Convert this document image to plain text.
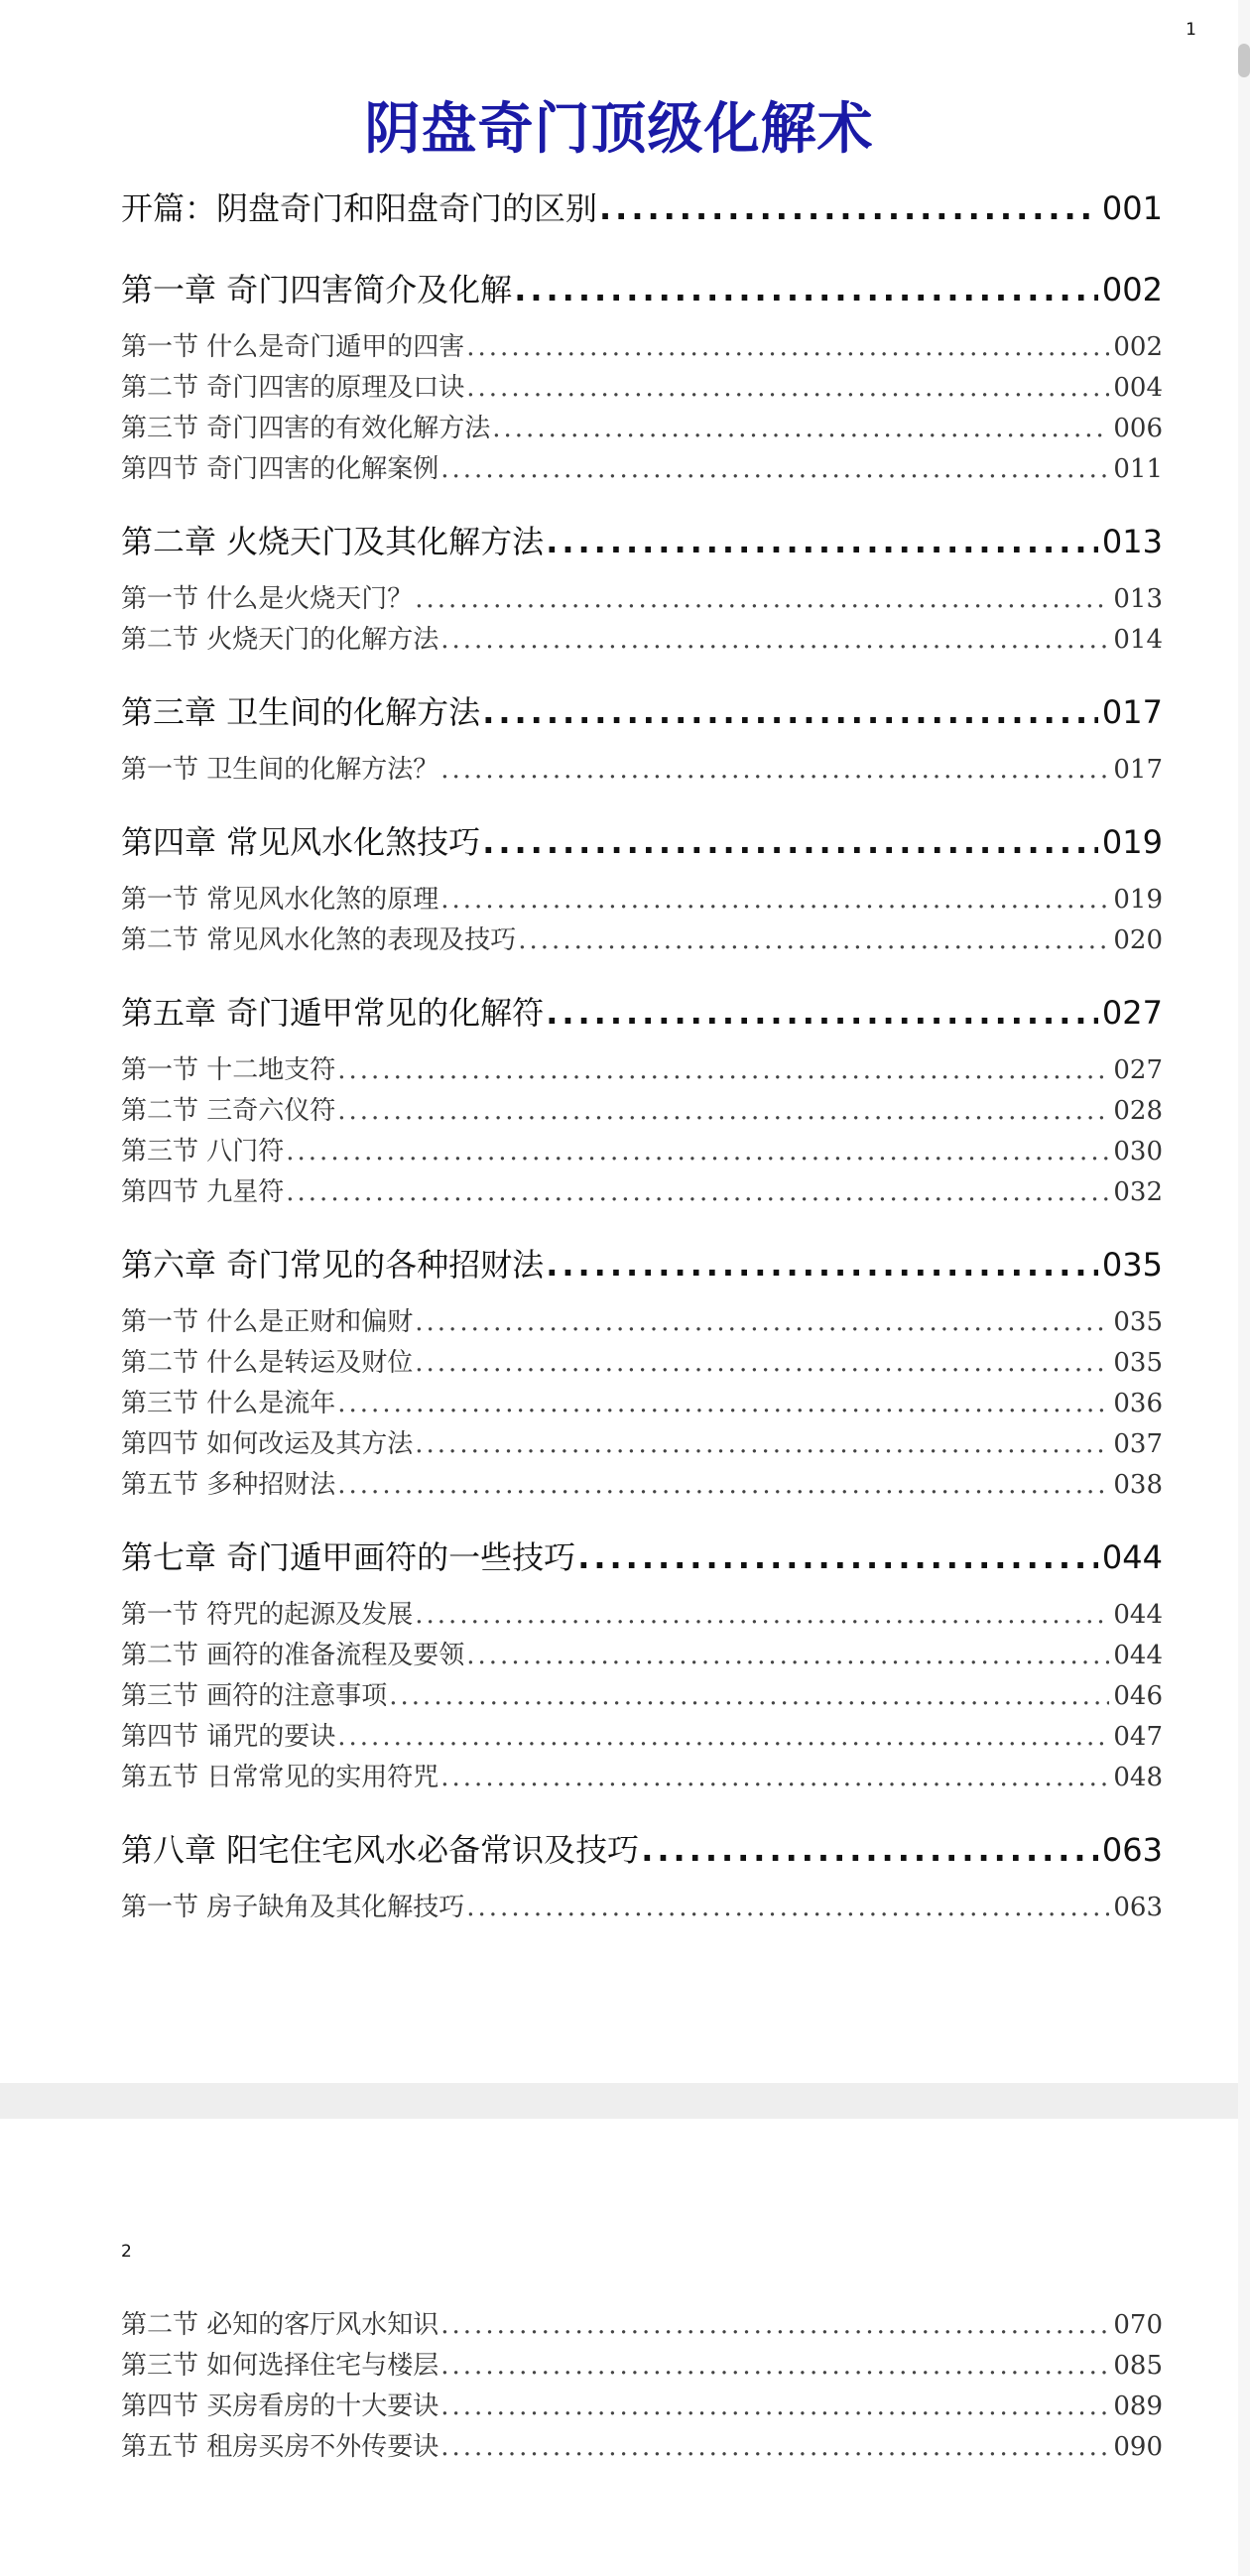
1
阴盘奇门顶级化解术
开篇：阴盘奇门和阳盘奇门的区别 .....	001
第一章 奇门四害简介及化解 .....	002
第一节 什么是奇门遁甲的四害 .....	002
第二节 奇门四害的原理及口诀 .....	004
第三节 奇门四害的有效化解方法 .....	006
第四节 奇门四害的化解案例 .....	011
第二章 火烧天门及其化解方法 .....	013
第一节 什么是火烧天门？ .....	013
第二节 火烧天门的化解方法 .....	014
第三章 卫生间的化解方法 .....	017
第一节 卫生间的化解方法？ .....	017
第四章 常见风水化煞技巧 .....	019
第一节 常见风水化煞的原理 .....	019
第二节 常见风水化煞的表现及技巧 .....	020
第五章 奇门遁甲常见的化解符 .....	027
第一节 十二地支符 .....	027
第二节 三奇六仪符 .....	028
第三节 八门符 .....	030
第四节 九星符 .....	032
第六章 奇门常见的各种招财法 .....	035
第一节 什么是正财和偏财 .....	035
第二节 什么是转运及财位 .....	035
第三节 什么是流年 .....	036
第四节 如何改运及其方法 .....	037
第五节 多种招财法 .....	038
第七章 奇门遁甲画符的一些技巧 .....	044
第一节 符咒的起源及发展 .....	044
第二节 画符的准备流程及要领 .....	044
第三节 画符的注意事项 .....	046
第四节 诵咒的要诀 .....	047
第五节 日常常见的实用符咒 .....	048
第八章 阳宅住宅风水必备常识及技巧 .....	063
第一节 房子缺角及其化解技巧 .....	063
2
第二节 必知的客厅风水知识 .....	070
第三节 如何选择住宅与楼层 .....	085
第四节 买房看房的十大要诀 .....	089
第五节 租房买房不外传要诀 .....	090
